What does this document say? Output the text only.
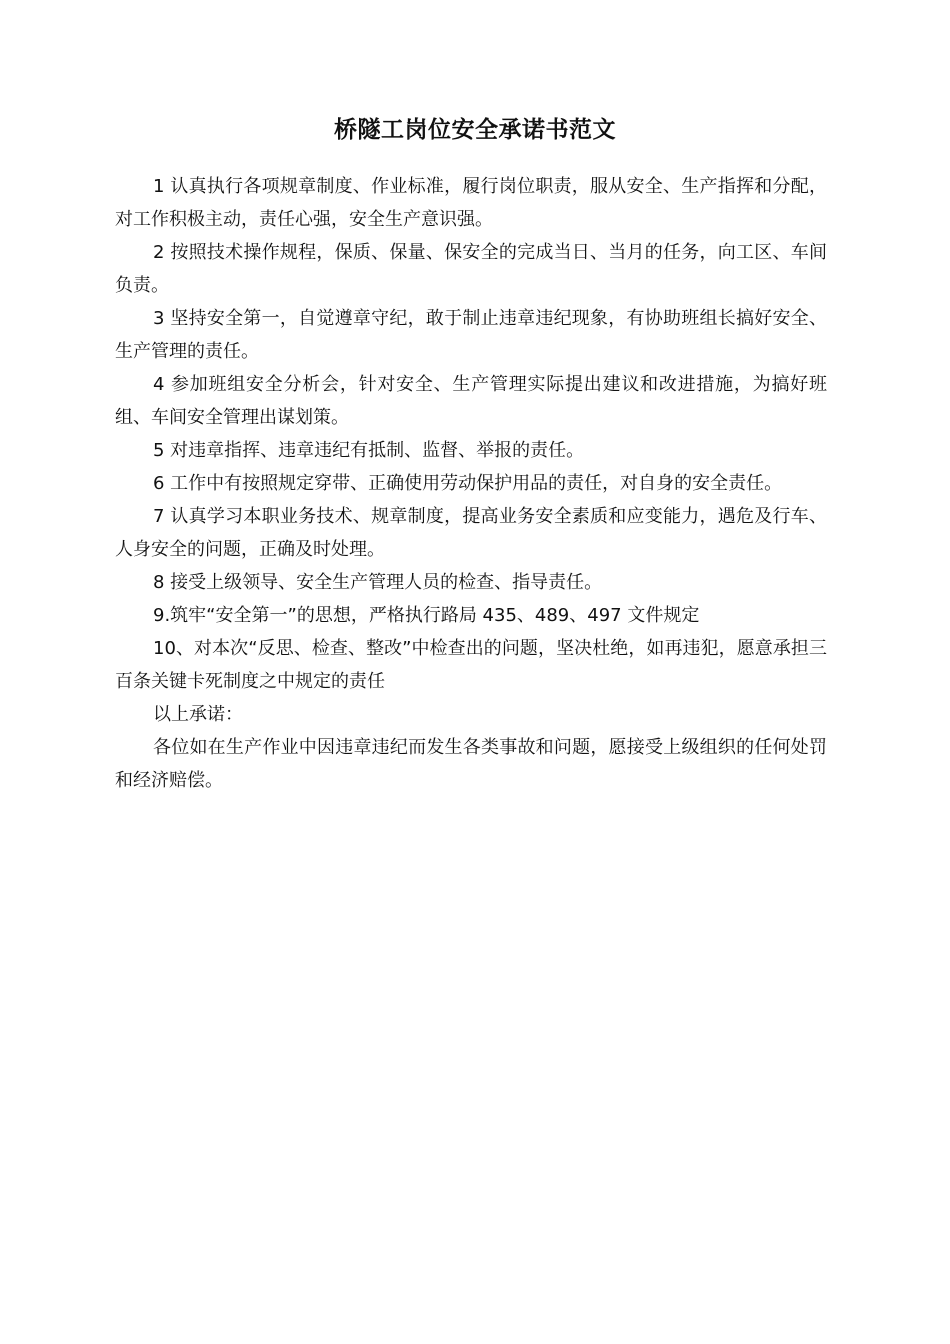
桥隧工岗位安全承诺书范文

1 认真执行各项规章制度、作业标准，履行岗位职责，服从安全、生产指挥和分配，对工作积极主动，责任心强，安全生产意识强。

2 按照技术操作规程，保质、保量、保安全的完成当日、当月的任务，向工区、车间负责。

3 坚持安全第一，自觉遵章守纪，敢于制止违章违纪现象，有协助班组长搞好安全、生产管理的责任。

4 参加班组安全分析会，针对安全、生产管理实际提出建议和改进措施，为搞好班组、车间安全管理出谋划策。

5 对违章指挥、违章违纪有抵制、监督、举报的责任。

6 工作中有按照规定穿带、正确使用劳动保护用品的责任，对自身的安全责任。

7 认真学习本职业务技术、规章制度，提高业务安全素质和应变能力，遇危及行车、人身安全的问题，正确及时处理。

8 接受上级领导、安全生产管理人员的检查、指导责任。

9.筑牢“安全第一”的思想，严格执行路局 435、489、497 文件规定

10、对本次“反思、检查、整改”中检查出的问题，坚决杜绝，如再违犯，愿意承担三百条关键卡死制度之中规定的责任

以上承诺：

各位如在生产作业中因违章违纪而发生各类事故和问题，愿接受上级组织的任何处罚和经济赔偿。
